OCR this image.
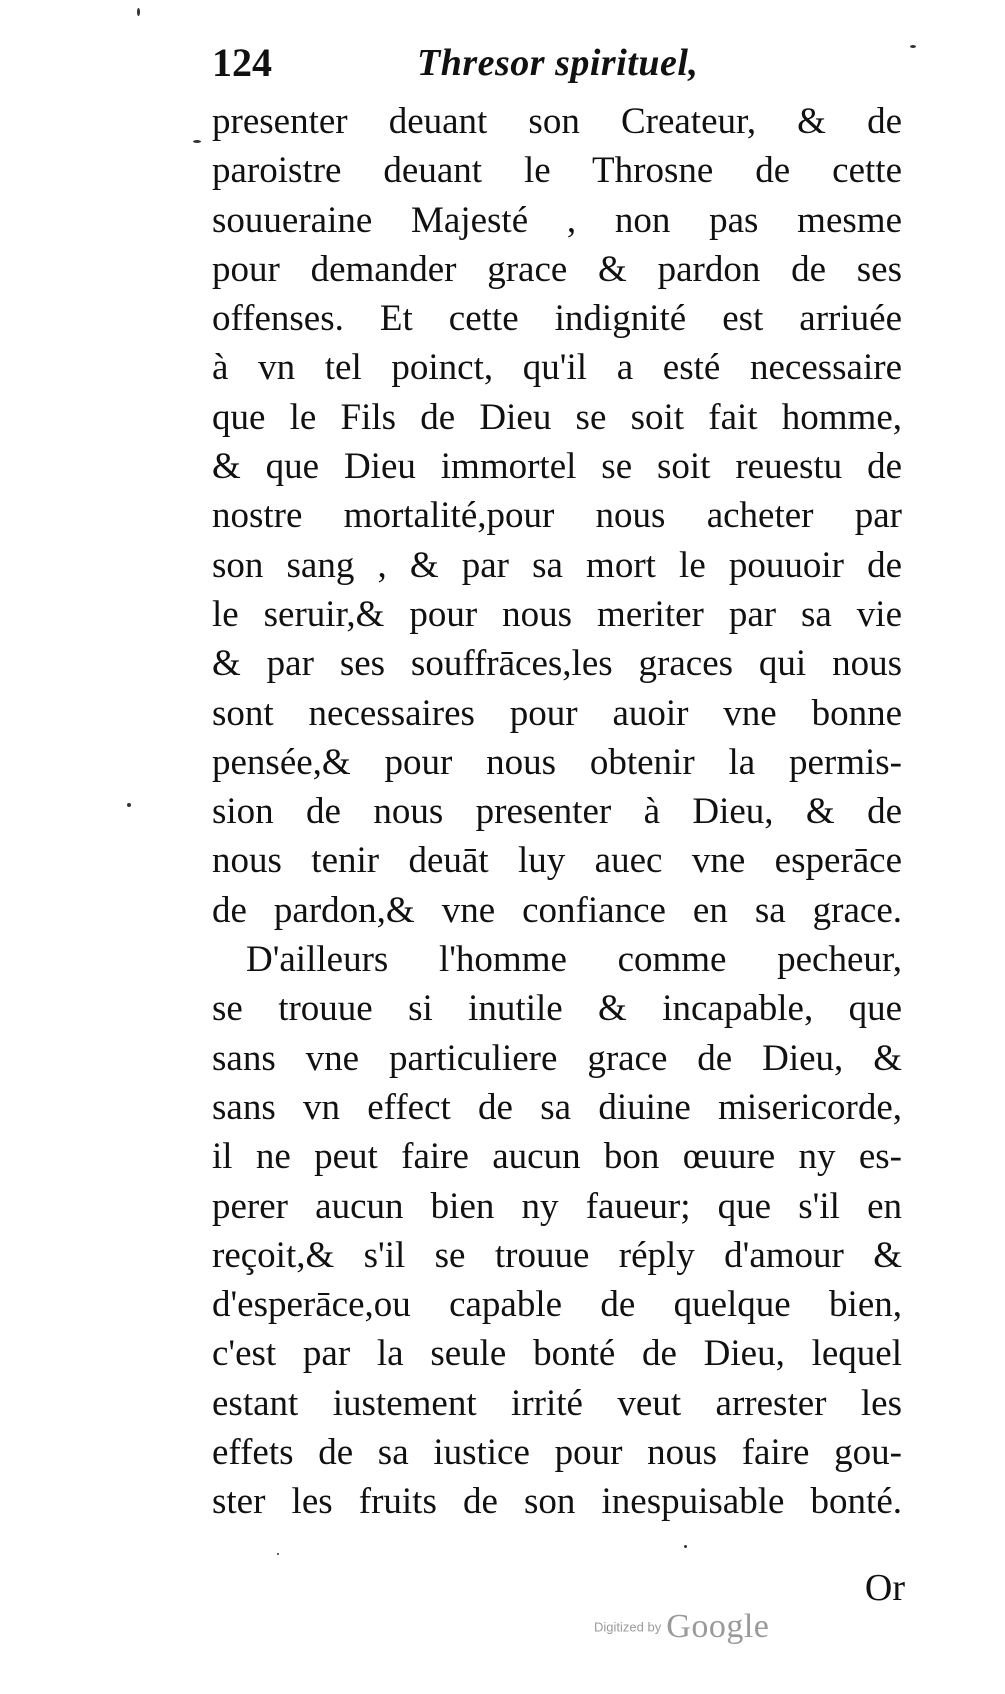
124	Thresor spirituel,
presenter deuant son Createur, & de
paroistre deuant le Throsne de cette
souueraine Majesté , non pas mesme
pour demander grace & pardon de ses
offenses. Et cette indignité est arriuée
à vn tel poinct, qu'il a esté necessaire
que le Fils de Dieu se soit fait homme,
& que Dieu immortel se soit reuestu de
nostre mortalité,pour nous acheter par
son sang , & par sa mort le pouuoir de
le seruir,& pour nous meriter par sa vie
& par ses souffrāces,les graces qui nous
sont necessaires pour auoir vne bonne
pensée,& pour nous obtenir la permis-
sion de nous presenter à Dieu, & de
nous tenir deuāt luy auec vne esperāce
de pardon,& vne confiance en sa grace.
D'ailleurs l'homme comme pecheur,
se trouue si inutile & incapable, que
sans vne particuliere grace de Dieu, &
sans vn effect de sa diuine misericorde,
il ne peut faire aucun bon œuure ny es-
perer aucun bien ny faueur; que s'il en
reçoit,& s'il se trouue réply d'amour &
d'esperāce,ou capable de quelque bien,
c'est par la seule bonté de Dieu, lequel
estant iustement irrité veut arrester les
effets de sa iustice pour nous faire gou-
ster les fruits de son inespuisable bonté.
Or
Digitized by Google
